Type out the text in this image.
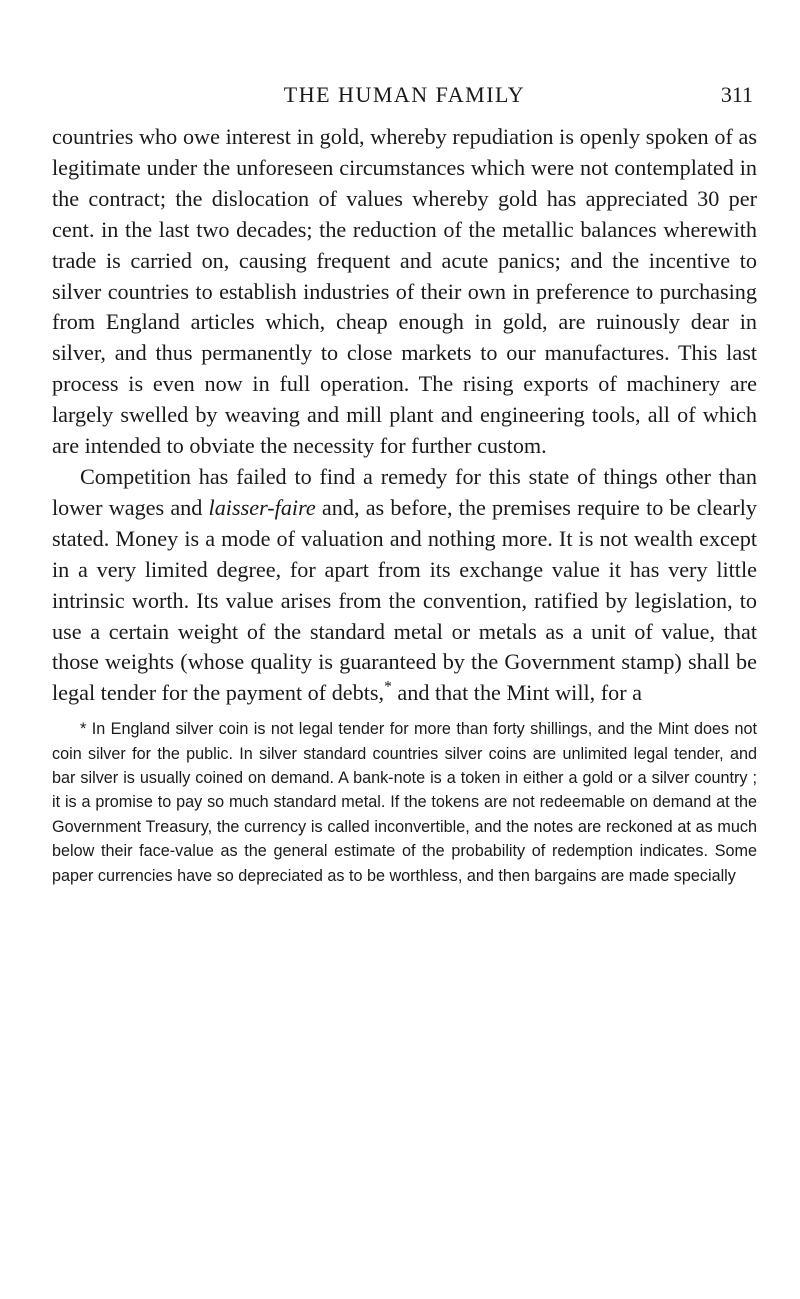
THE HUMAN FAMILY	311

countries who owe interest in gold, whereby repudiation is openly spoken of as legitimate under the unforeseen circumstances which were not contemplated in the contract; the dislocation of values whereby gold has appreciated 30 per cent. in the last two decades; the reduction of the metallic balances wherewith trade is carried on, causing frequent and acute panics; and the incentive to silver countries to establish industries of their own in preference to purchasing from England articles which, cheap enough in gold, are ruinously dear in silver, and thus permanently to close markets to our manufactures. This last process is even now in full operation. The rising exports of machinery are largely swelled by weaving and mill plant and engineering tools, all of which are intended to obviate the necessity for further custom.

Competition has failed to find a remedy for this state of things other than lower wages and laisser-faire and, as before, the premises require to be clearly stated. Money is a mode of valuation and nothing more. It is not wealth except in a very limited degree, for apart from its exchange value it has very little intrinsic worth. Its value arises from the convention, ratified by legislation, to use a certain weight of the standard metal or metals as a unit of value, that those weights (whose quality is guaranteed by the Government stamp) shall be legal tender for the payment of debts,* and that the Mint will, for a

* In England silver coin is not legal tender for more than forty shillings, and the Mint does not coin silver for the public. In silver standard countries silver coins are unlimited legal tender, and bar silver is usually coined on demand. A bank-note is a token in either a gold or a silver country ; it is a promise to pay so much standard metal. If the tokens are not redeemable on demand at the Government Treasury, the currency is called inconvertible, and the notes are reckoned at as much below their face-value as the general estimate of the probability of redemption indicates. Some paper currencies have so depreciated as to be worthless, and then bargains are made specially
